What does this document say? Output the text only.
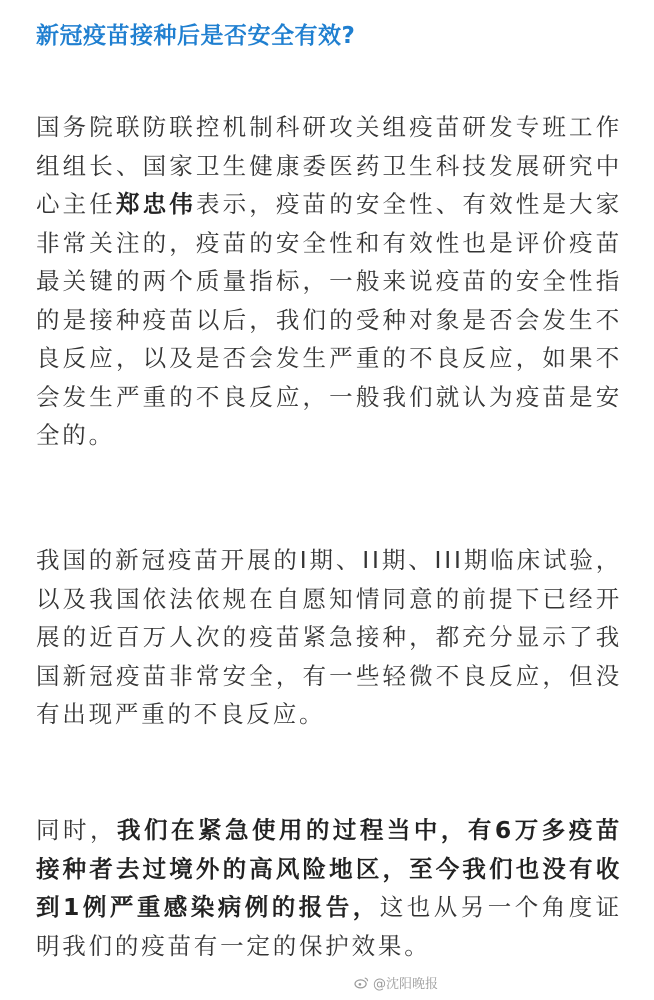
新冠疫苗接种后是否安全有效?

国务院联防联控机制科研攻关组疫苗研发专班工作组组长、国家卫生健康委医药卫生科技发展研究中心主任郑忠伟表示，疫苗的安全性、有效性是大家非常关注的，疫苗的安全性和有效性也是评价疫苗最关键的两个质量指标，一般来说疫苗的安全性指的是接种疫苗以后，我们的受种对象是否会发生不良反应，以及是否会发生严重的不良反应，如果不会发生严重的不良反应，一般我们就认为疫苗是安全的。

我国的新冠疫苗开展的I期、II期、III期临床试验，以及我国依法依规在自愿知情同意的前提下已经开展的近百万人次的疫苗紧急接种，都充分显示了我国新冠疫苗非常安全，有一些轻微不良反应，但没有出现严重的不良反应。

同时，我们在紧急使用的过程当中，有6万多疫苗接种者去过境外的高风险地区，至今我们也没有收到1例严重感染病例的报告，这也从另一个角度证明我们的疫苗有一定的保护效果。

@沈阳晚报
